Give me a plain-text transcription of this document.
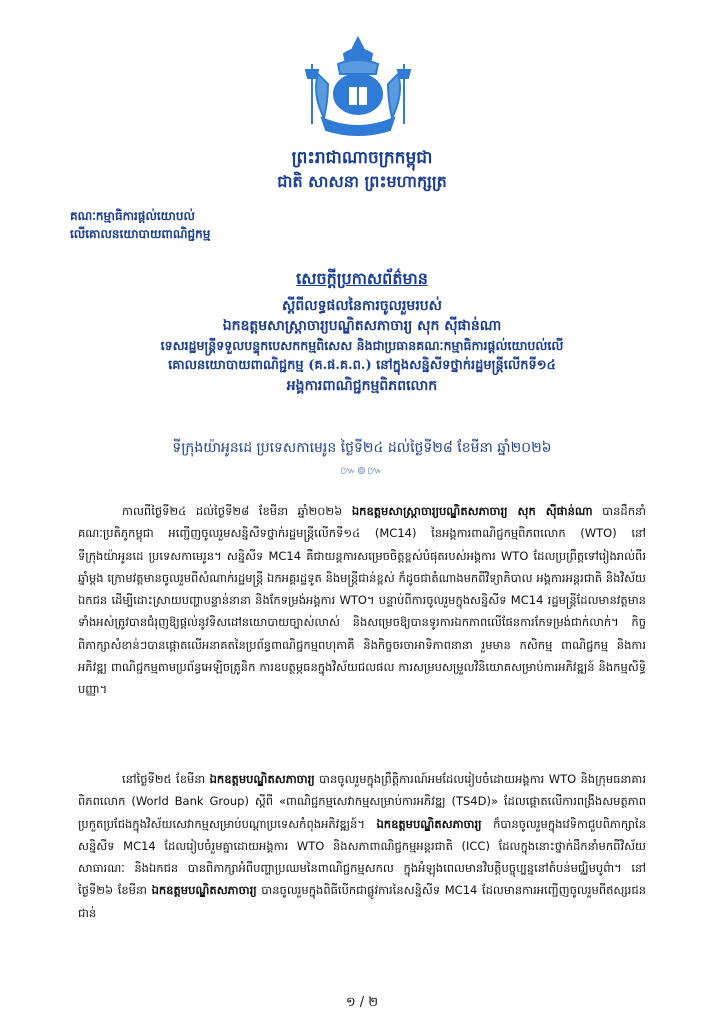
ព្រះរាជាណាចក្រកម្ពុជា
ជាតិ សាសនា ព្រះមហាក្សត្រ
គណៈកម្មាធិការផ្ដល់យោបល់
លើគោលនយោបាយពាណិជ្ជកម្ម
សេចក្ដីប្រកាសព័ត៌មាន
ស្ដីពីលទ្ធផលនៃការចូលរួមរបស់
ឯកឧត្ដមសាស្ត្រាចារ្យបណ្ឌិតសភាចារ្យ សុក ស៊ីផាន់ណា
ទេសរដ្ឋមន្ត្រីទទួលបន្ទុកបេសកកម្មពិសេស និងជាប្រធានគណៈកម្មាធិការផ្ដល់យោបល់លើ
គោលនយោបាយពាណិជ្ជកម្ម (គ.ផ.គ.ព.) នៅក្នុងសន្និសីទថ្នាក់រដ្ឋមន្ត្រីលើកទី១៤
អង្គការពាណិជ្ជកម្មពិភពលោក
ទីក្រុងយ៉ាអូនដេ ប្រទេសកាមេរូន ថ្ងៃទី២៤ ដល់ថ្ងៃទី២៨ ខែមីនា ឆ្នាំ២០២៦
៚៙៚
កាលពីថ្ងៃទី២៤ ដល់ថ្ងៃទី២៨ ខែមីនា ឆ្នាំ២០២៦ ឯកឧត្ដមសាស្ត្រាចារ្យបណ្ឌិតសភាចារ្យ សុក ស៊ីផាន់ណា បានដឹកនាំគណៈប្រតិភូកម្ពុជា អញ្ជើញចូលរួមសន្និសីទថ្នាក់រដ្ឋមន្ត្រីលើកទី១៤ (MC14) នៃអង្គការពាណិជ្ជកម្មពិភពលោក (WTO) នៅទីក្រុងយ៉ាអូនដេ ប្រទេសកាមេរូន។ សន្និសីទ MC14 គឺជាយន្តការសម្រេចចិត្តខ្ពស់បំផុតរបស់អង្គការ WTO ដែលប្រព្រឹត្តទៅរៀងរាល់ពីរឆ្នាំម្ដង ក្រោមវត្តមានចូលរួមពីសំណាក់រដ្ឋមន្ត្រី ឯកអគ្គរដ្ឋទូត និងមន្ត្រីជាន់ខ្ពស់ ក៏ដូចជាតំណាងមកពីវិទ្យាភិបាល អង្គការអន្តរជាតិ និងវិស័យឯកជន ដើម្បីដោះស្រាយបញ្ហាបន្ទាន់នានា និងកែទម្រង់អង្គការ WTO។ បន្ទាប់ពីការចូលរួមក្នុងសន្និសីទ MC14 រដ្ឋមន្ត្រីដែលមានវត្តមានទាំងអស់ត្រូវបានជំរុញឱ្យផ្ដល់នូវទិសដៅនយោបាយច្បាស់លាស់ និងសម្រេចឱ្យបានទូរការឯកភាពលើផែនការកែទម្រង់ជាក់លាក់។ កិច្ចពិភាក្សាសំខាន់ៗបានផ្ដោតលើអនាគតនៃប្រព័ន្ធពាណិជ្ជកម្មពហុភាគី និងកិច្ចចរចាអាទិភាពនានា រួមមាន កសិកម្ម ពាណិជ្ជកម្ម និងការអភិវឌ្ឍ ពាណិជ្ជកម្មតាមប្រព័ន្ធអេឡិចត្រូនិក ការឧបត្ថម្ភធនក្នុងវិស័យជលផល ការសម្របសម្រួលវិនិយោគសម្រាប់ការអភិវឌ្ឍន៍ និងកម្មសិទ្ធិបញ្ញា។
នៅថ្ងៃទី២៥ ខែមីនា ឯកឧត្ដមបណ្ឌិតសភាចារ្យ បានចូលរួមក្នុងព្រឹត្តិការណ៍អមដែលរៀបចំដោយអង្គការ WTO និងក្រុមធនាគារពិភពលោក (World Bank Group) ស្ដីពី «ពាណិជ្ជកម្មសេវាកម្មសម្រាប់ការអភិវឌ្ឍ (TS4D)» ដែលផ្ដោតលើការពង្រឹងសមត្ថភាពប្រកួតប្រជែងក្នុងវិស័យសេវាកម្មសម្រាប់បណ្ដាប្រទេសកំពុងអភិវឌ្ឍន៍។ ឯកឧត្ដមបណ្ឌិតសភាចារ្យ ក៏បានចូលរួមក្នុងវេទិកាជួបពិភាក្សានៃសន្និសីទ MC14 ដែលរៀបចំរួមគ្នាដោយអង្គការ WTO និងសភាពាណិជ្ជកម្មអន្តរជាតិ (ICC) ដែលក្នុងនោះថ្នាក់ដឹកនាំមកពីវិស័យសាធារណៈ និងឯកជន បានពិភាក្សាអំពីបញ្ហាប្រឈមនៃពាណិជ្ជកម្មសកល ក្នុងអំឡុងពេលមានវិបត្តិបច្ចុប្បន្ននៅតំបន់មជ្ឈិមបូព៌ា។ នៅថ្ងៃទី២៦ ខែមីនា ឯកឧត្ដមបណ្ឌិតសភាចារ្យ បានចូលរួមក្នុងពិធីបើកជាផ្លូវការនៃសន្និសីទ MC14 ដែលមានការអញ្ជើញចូលរួមពីឥស្សរជនជាន់
១ / ២
